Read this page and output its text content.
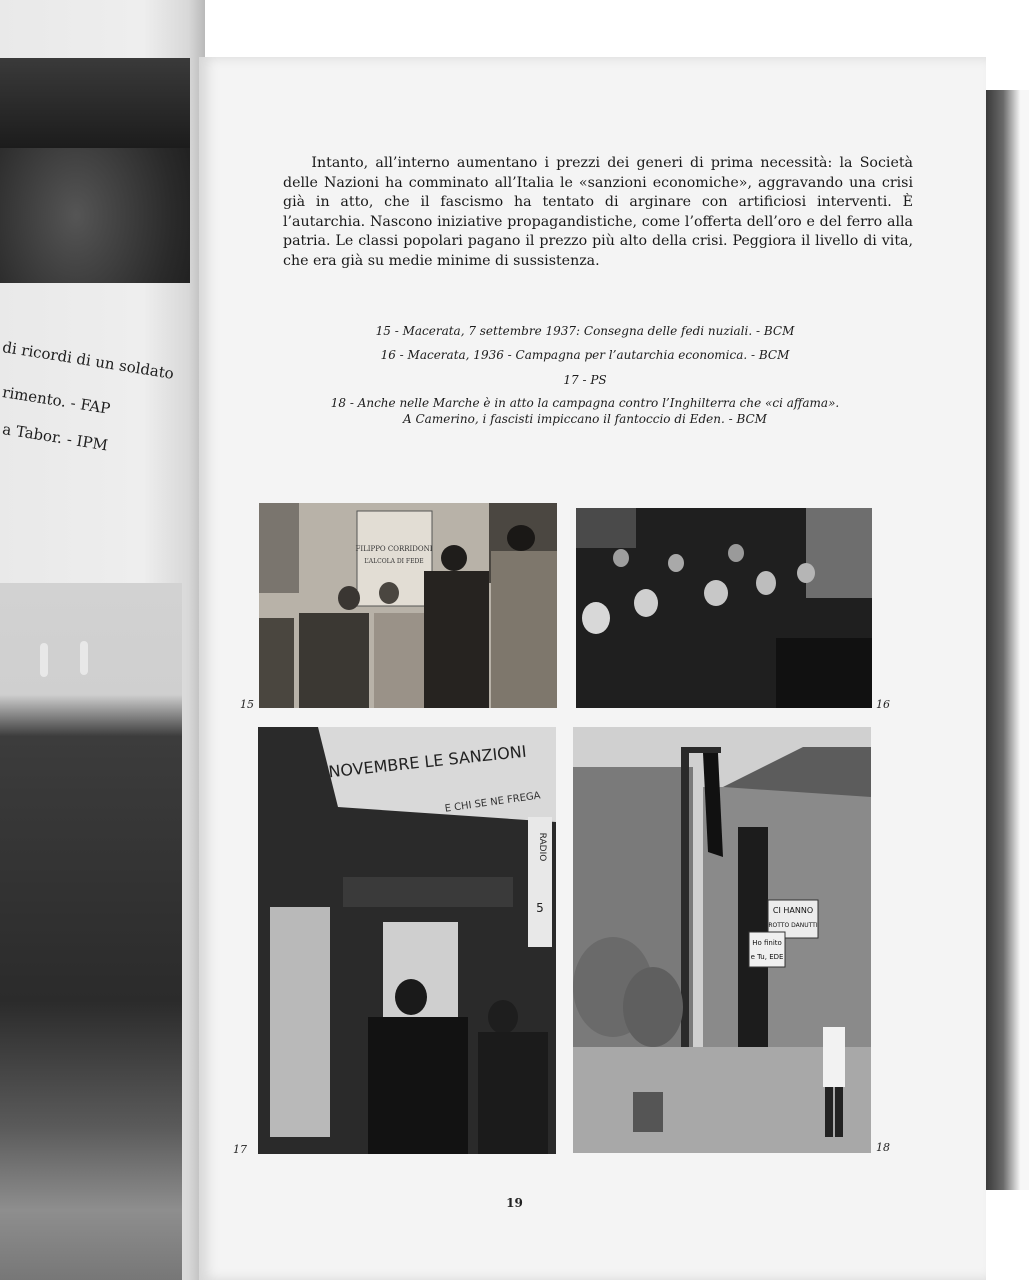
di ricordi di un soldato
rimento. - FAP
a Tabor. - IPM
Intanto, all’interno aumentano i prezzi dei generi di prima necessità: la Società delle Nazioni ha comminato all’Italia le «sanzioni economiche», aggravando una crisi già in atto, che il fascismo ha tentato di arginare con artificiosi interventi. È l’autarchia. Nascono iniziative propagandistiche, come l’offerta dell’oro e del ferro alla patria. Le classi popolari pagano il prezzo più alto della crisi. Peggiora il livello di vita, che era già su medie minime di sussistenza.
15 - Macerata, 7 settembre 1937: Consegna delle fedi nuziali. - BCM
16 - Macerata, 1936 - Campagna per l’autarchia economica. - BCM
17 - PS
18 - Anche nelle Marche è in atto la campagna contro l’Inghilterra che «ci affama».
A Camerino, i fascisti impiccano il fantoccio di Eden. - BCM
FILIPPO CORRIDONI
L’ALCOLA DI FEDE
15	16
NOVEMBRE LE SANZIONI
E CHI SE NE FREGA
RADIO
5
17
CI HANNO
ROTTO DANUTTI
Ho finito
e Tu, EDE
18
19
